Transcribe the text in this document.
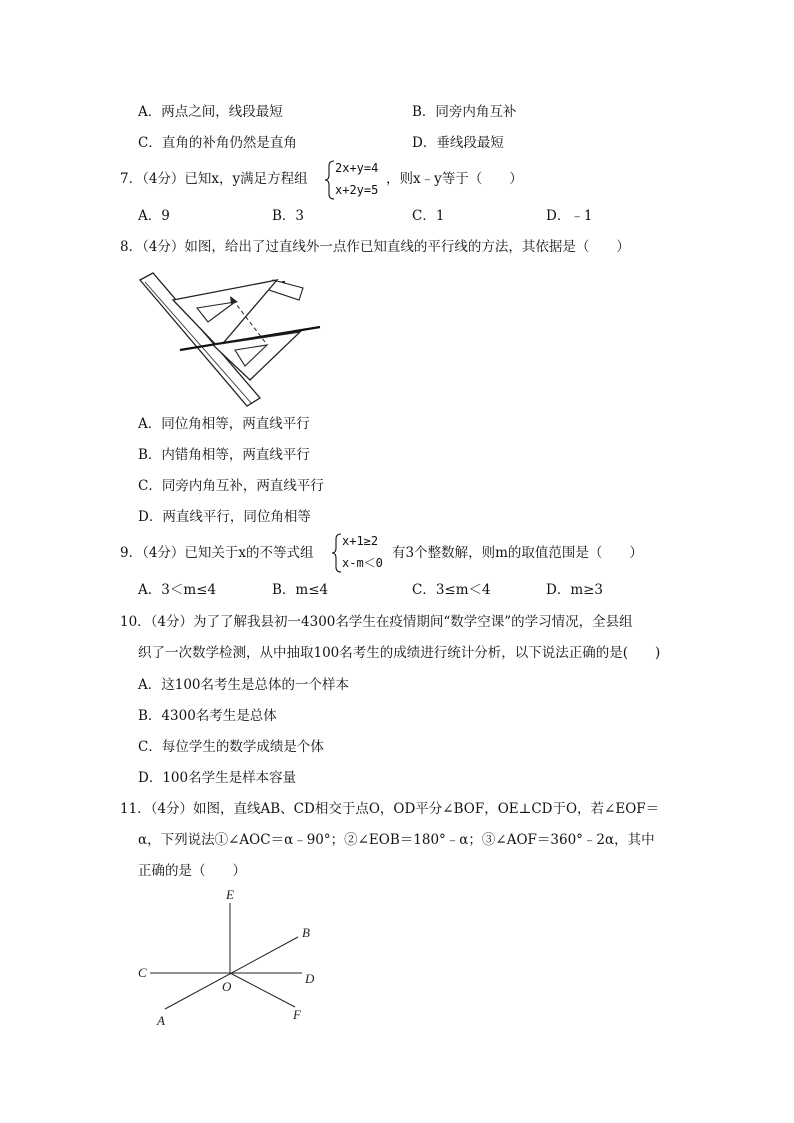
A．两点之间，线段最短	B．同旁内角互补
C．直角的补角仍然是直角	D．垂线段最短
7．（4分）已知x，y满足方程组
2x+y=4
x+2y=5
，则x﹣y等于（　　）
A．9	B．3	C．1	D．﹣1
8．（4分）如图，给出了过直线外一点作已知直线的平行线的方法，其依据是（　　）
A．同位角相等，两直线平行
B．内错角相等，两直线平行
C．同旁内角互补，两直线平行
D．两直线平行，同位角相等
9．（4分）已知关于x的不等式组
x+1≥2
x-m＜0
有3个整数解，则m的取值范围是（　　）
A．3＜m≤4	B．m≤4	C．3≤m＜4	D．m≥3
10．（4分）为了了解我县初一4300名学生在疫情期间“数学空课”的学习情况，全县组
织了一次数学检测，从中抽取100名考生的成绩进行统计分析，以下说法正确的是(　　)
A．这100名考生是总体的一个样本
B．4300名考生是总体
C．每位学生的数学成绩是个体
D．100名学生是样本容量
11．（4分）如图，直线AB、CD相交于点O，OD平分∠BOF，OE⊥CD于O，若∠EOF＝
α，下列说法①∠AOC＝α﹣90°；②∠EOB＝180°﹣α；③∠AOF＝360°﹣2α，其中
正确的是（　　）
E
B
C
O
D
A	F
